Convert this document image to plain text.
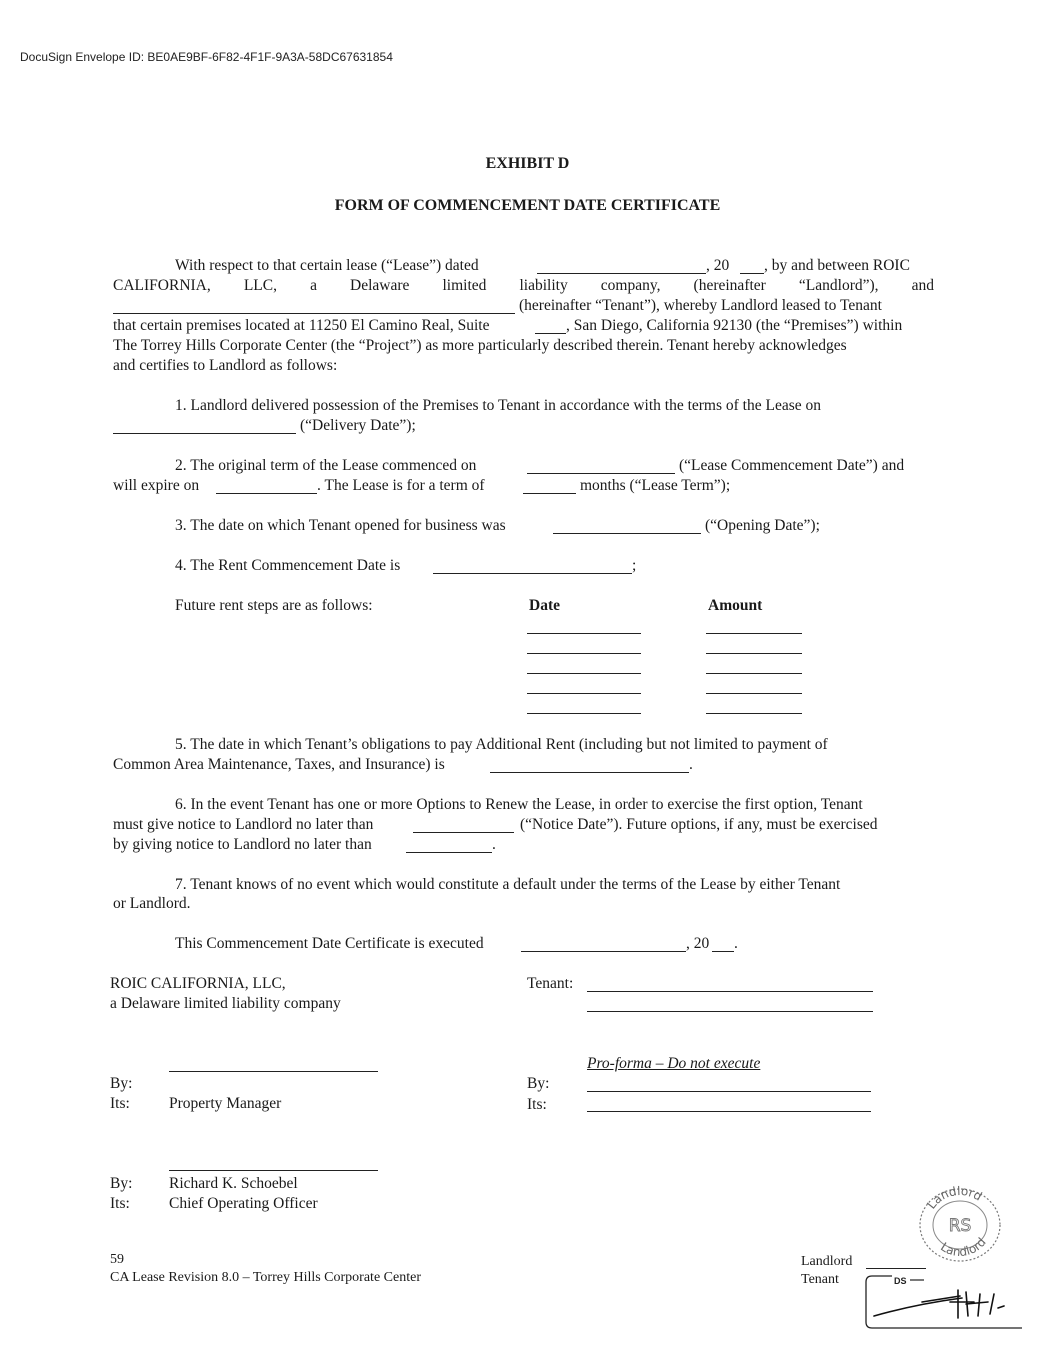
DocuSign Envelope ID: BE0AE9BF-6F82-4F1F-9A3A-58DC67631854
EXHIBIT D
FORM OF COMMENCEMENT DATE CERTIFICATE
With respect to that certain lease (“Lease”) dated	, 20 , by and between ROIC
CALIFORNIA, LLC, a Delaware limited liability company, (hereinafter “Landlord”), and
(hereinafter “Tenant”), whereby Landlord leased to Tenant
that certain premises located at 11250 El Camino Real, Suite	, San Diego, California 92130 (the “Premises”) within
The Torrey Hills Corporate Center (the “Project”) as more particularly described therein. Tenant hereby acknowledges
and certifies to Landlord as follows:
1. Landlord delivered possession of the Premises to Tenant in accordance with the terms of the Lease on
(“Delivery Date”);
2. The original term of the Lease commenced on	(“Lease Commencement Date”) and
will expire on	. The Lease is for a term of	months (“Lease Term”);
3. The date on which Tenant opened for business was	(“Opening Date”);
4. The Rent Commencement Date is	;
Future rent steps are as follows:	Date	Amount
5. The date in which Tenant’s obligations to pay Additional Rent (including but not limited to payment of
Common Area Maintenance, Taxes, and Insurance) is	.
6. In the event Tenant has one or more Options to Renew the Lease, in order to exercise the first option, Tenant
must give notice to Landlord no later than	(“Notice Date”). Future options, if any, must be exercised
by giving notice to Landlord no later than	.
7. Tenant knows of no event which would constitute a default under the terms of the Lease by either Tenant
or Landlord.
This Commencement Date Certificate is executed	, 20 .
ROIC CALIFORNIA, LLC,
a Delaware limited liability company
By:
Its:	Property Manager
By: Richard K. Schoebel
Its:	Chief Operating Officer
Tenant:
Pro-forma – Do not execute
By:
Its:
59
CA Lease Revision 8.0 – Torrey Hills Corporate Center
Landlord
Tenant
Landlord
Landlord
RS
DS
